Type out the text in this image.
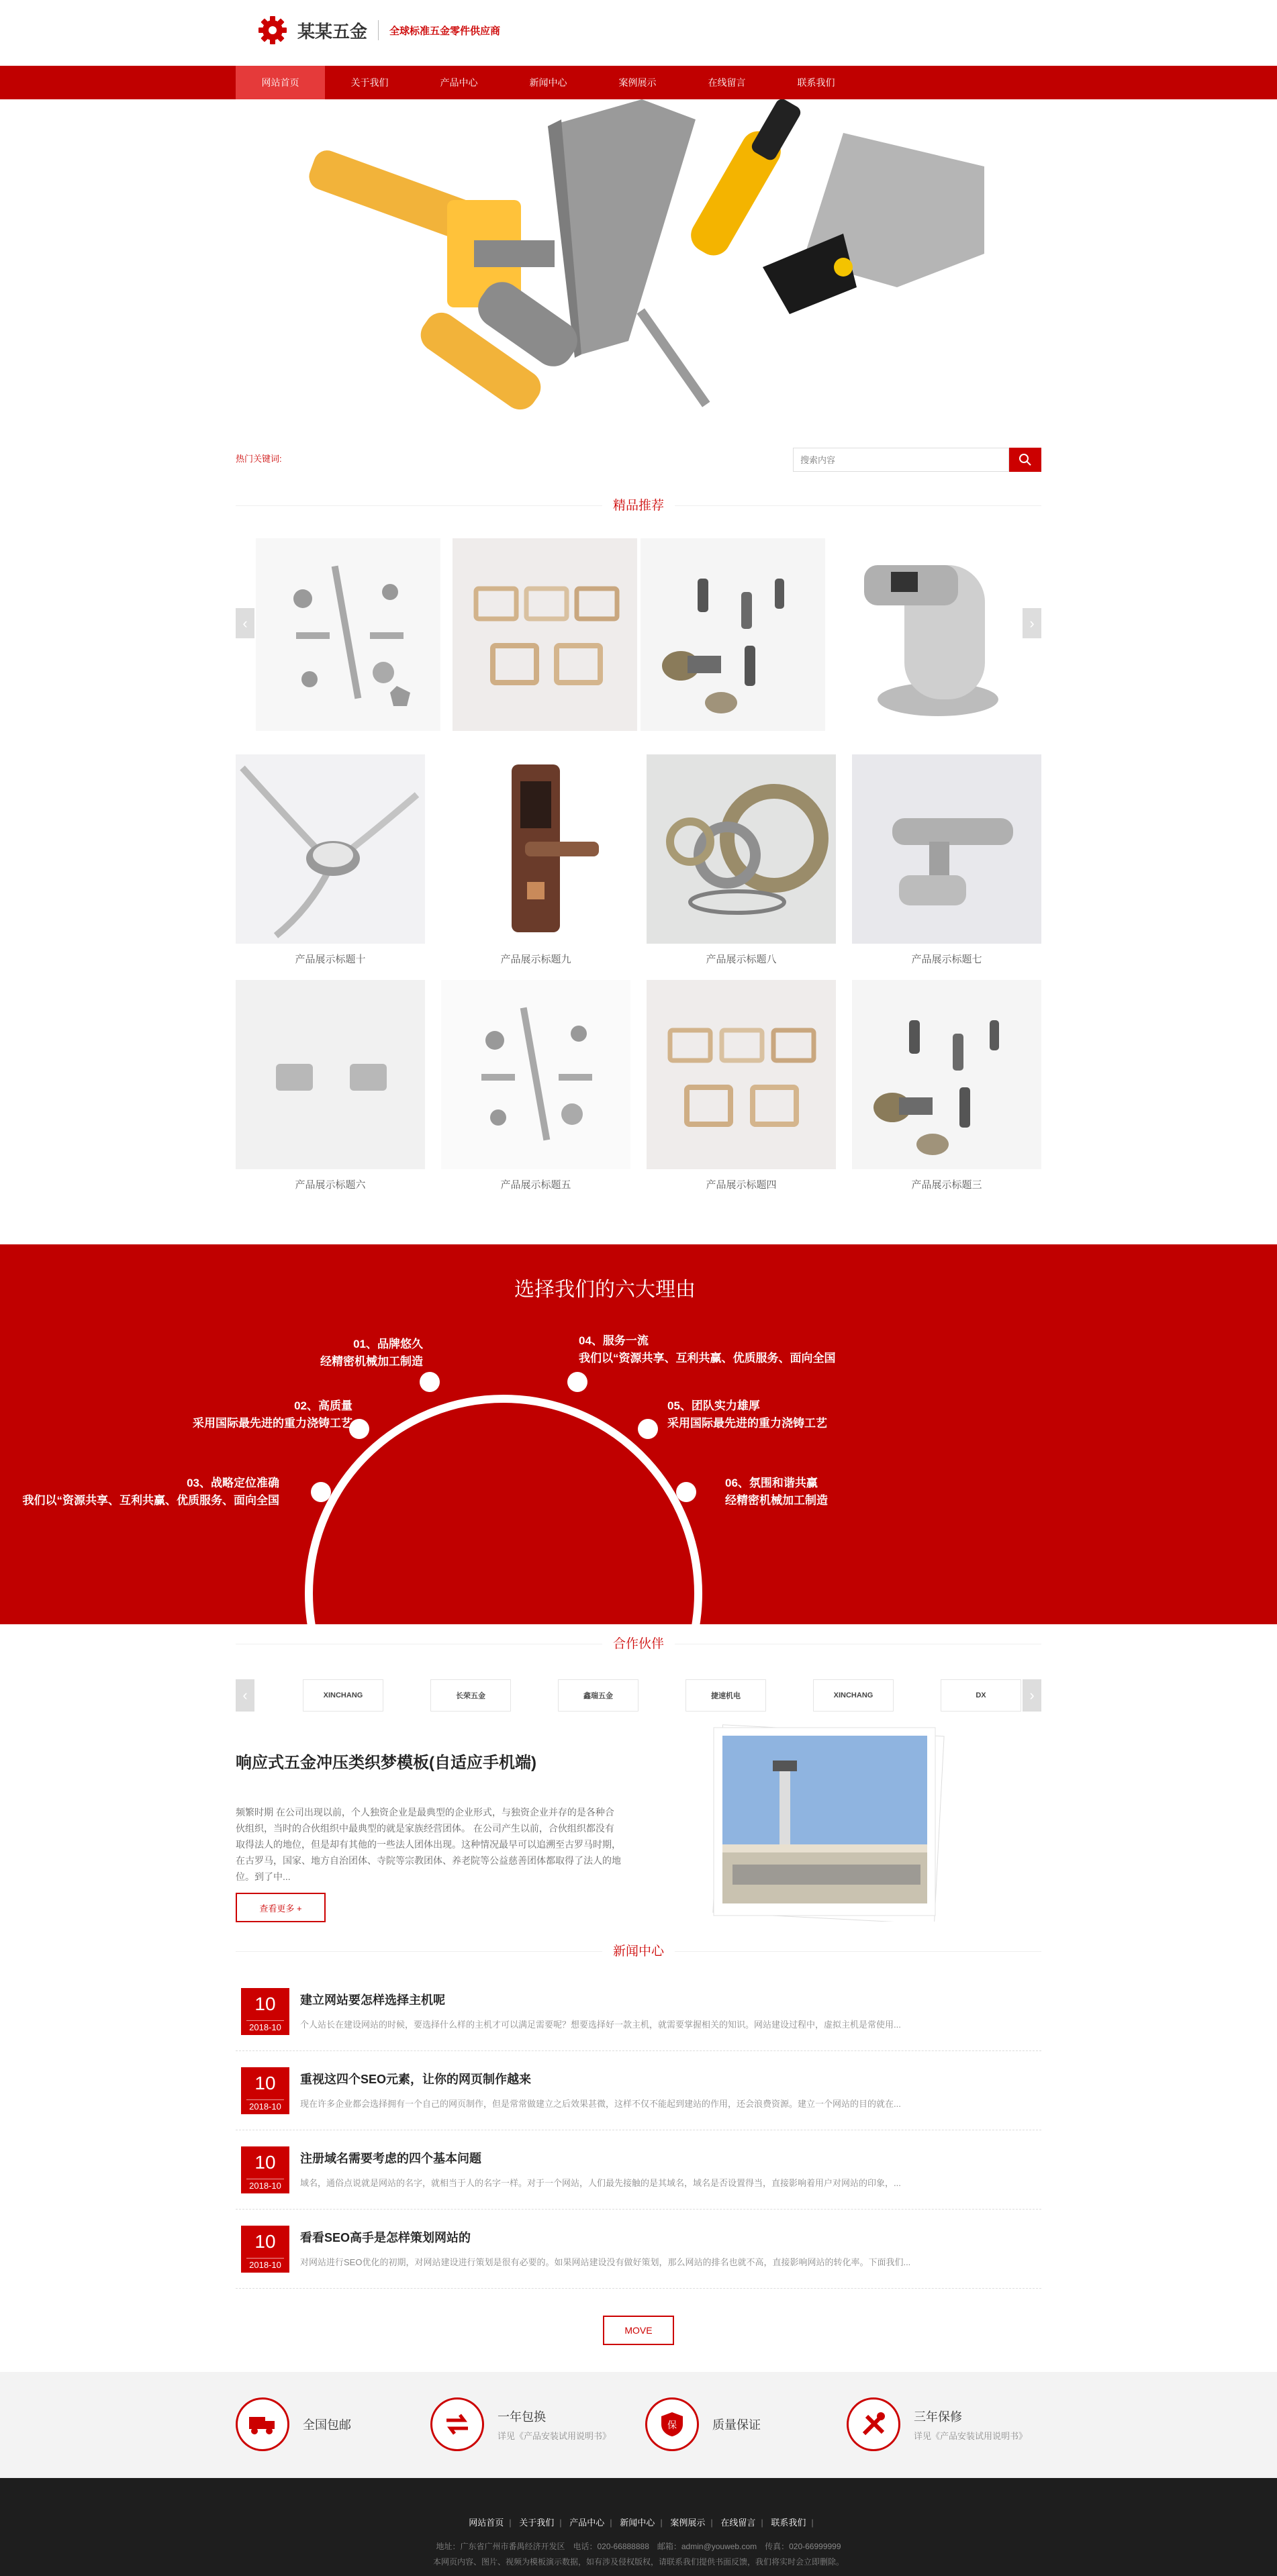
某某五金 全球标准五金零件供应商
网站首页	关于我们	产品中心	新闻中心	案例展示	在线留言	联系我们
热门关键词:
搜索内容
精品推荐
‹	›
产品展示标题十	产品展示标题九	产品展示标题八	产品展示标题七
产品展示标题六	产品展示标题五	产品展示标题四	产品展示标题三
选择我们的六大理由
01、品牌悠久
经精密机械加工制造
02、高质量
采用国际最先进的重力浇铸工艺
03、战略定位准确
我们以“资源共享、互利共赢、优质服务、面向全国
04、服务一流
我们以“资源共享、互利共赢、优质服务、面向全国
05、团队实力雄厚
采用国际最先进的重力浇铸工艺
06、氛围和谐共赢
经精密机械加工制造
合作伙伴
‹	XINCHANG	长荣五金	鑫瑞五金	捷速机电	XINCHANG	DX	›
响应式五金冲压类织梦模板(自适应手机端)

频繁时期 在公司出现以前，个人独资企业是最典型的企业形式，与独资企业并存的是各种合伙组织，当时的合伙组织中最典型的就是家族经营团体。 在公司产生以前，合伙组织都没有取得法人的地位，但是却有其他的一些法人团体出现。这种情况最早可以追溯至古罗马时期，在古罗马，国家、地方自治团体、寺院等宗教团体、养老院等公益慈善团体都取得了法人的地位。到了中...

查看更多 +
新闻中心
10
2018-10
建立网站要怎样选择主机呢
个人站长在建设网站的时候，要选择什么样的主机才可以满足需要呢？想要选择好一款主机，就需要掌握相关的知识。网站建设过程中，虚拟主机是常使用...
10
2018-10
重视这四个SEO元素，让你的网页制作越来
现在许多企业都会选择拥有一个自己的网页制作，但是常常做建立之后效果甚微，这样不仅不能起到建站的作用，还会浪费资源。建立一个网站的目的就在...
10
2018-10
注册域名需要考虑的四个基本问题
域名，通俗点说就是网站的名字，就相当于人的名字一样。对于一个网站，人们最先接触的是其域名，域名是否设置得当，直接影响着用户对网站的印象，...
10
2018-10
看看SEO高手是怎样策划网站的
对网站进行SEO优化的初期，对网站建设进行策划是很有必要的。如果网站建设没有做好策划，那么网站的排名也就不高，直接影响网站的转化率。下面我们...
MOVE
全国包邮
一年包换
详见《产品安装试用说明书》
保	质量保证
三年保修
详见《产品安装试用说明书》
网站首页 | 关于我们 | 产品中心 | 新闻中心 | 案例展示 | 在线留言 | 联系我们 |
地址：广东省广州市番禺经济开发区　电话：020-66888888　邮箱：admin@youweb.com　传真：020-66999999
本网页内容、图片、视频为模板演示数据，如有涉及侵权版权，请联系我们提供书面反馈，我们将实时会立即删除。
